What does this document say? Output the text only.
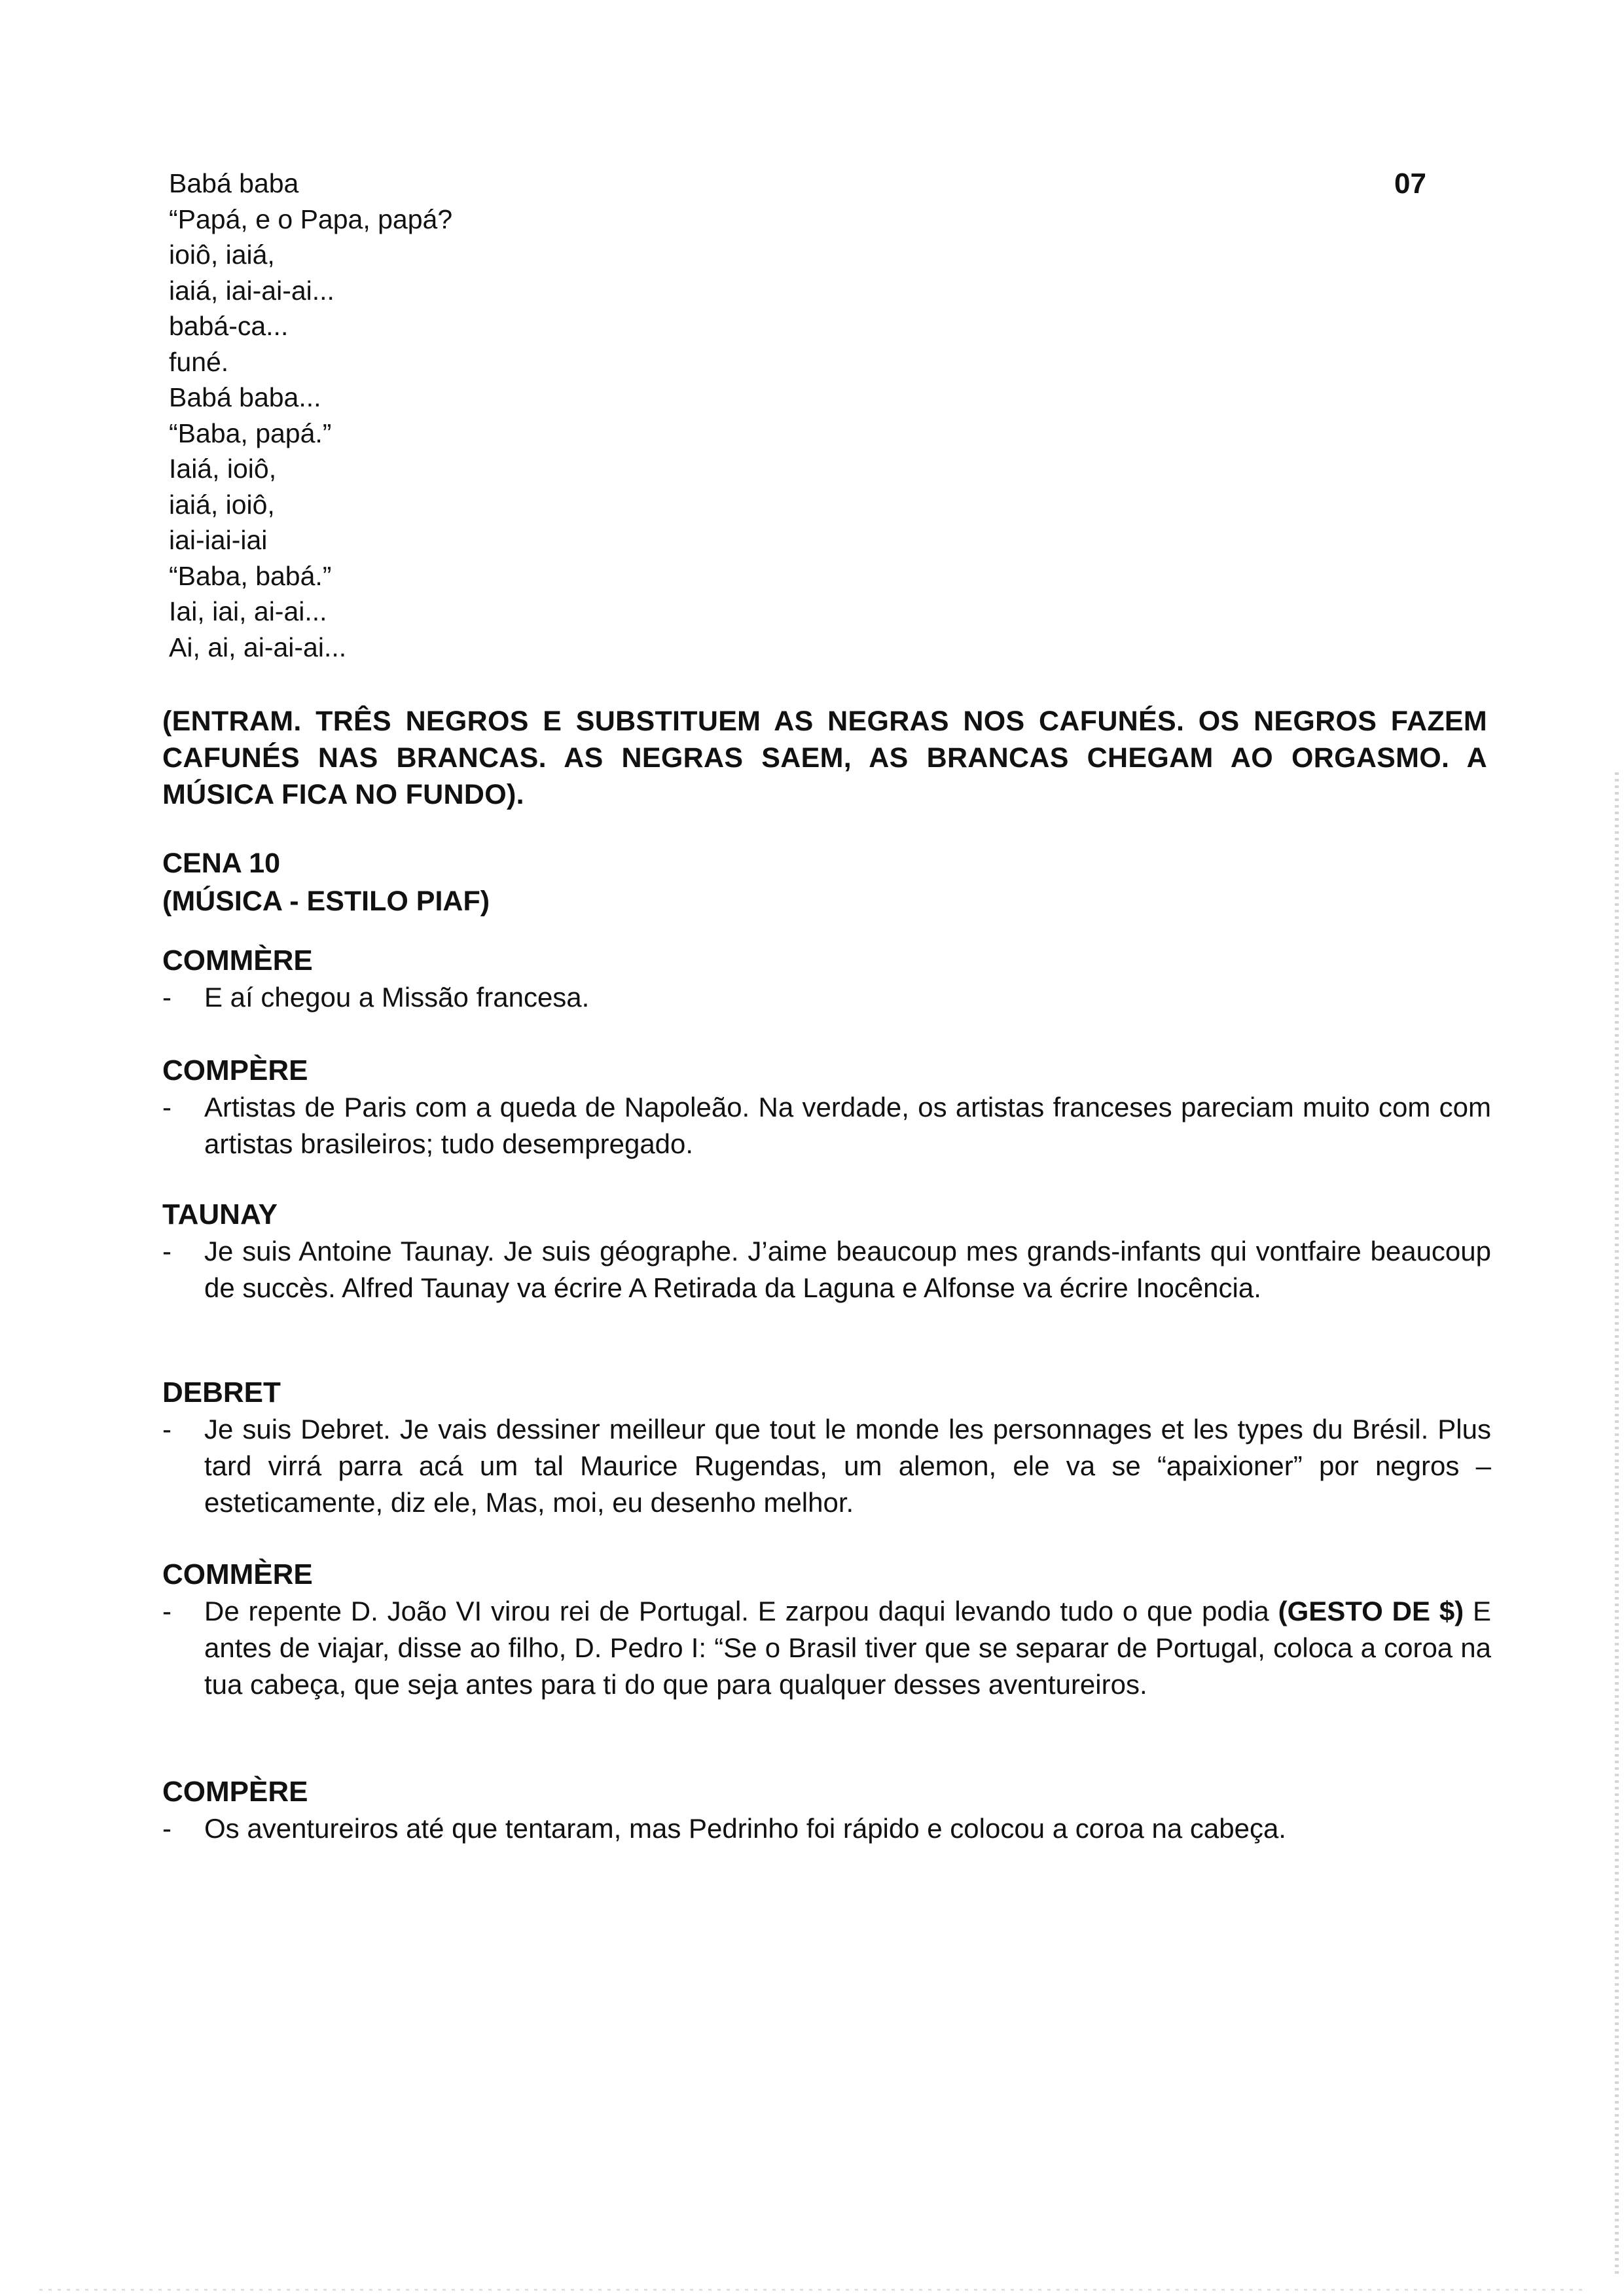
07
Babá baba
“Papá, e o Papa, papá?
ioiô, iaiá,
iaiá, iai-ai-ai...
babá-ca...
funé.
Babá baba...
“Baba, papá.”
Iaiá, ioiô,
iaiá, ioiô,
iai-iai-iai
“Baba, babá.”
Iai, iai, ai-ai...
Ai, ai, ai-ai-ai...
(ENTRAM. TRÊS NEGROS E SUBSTITUEM AS NEGRAS NOS CAFUNÉS. OS NEGROS FAZEM CAFUNÉS NAS BRANCAS. AS NEGRAS SAEM, AS BRANCAS CHEGAM AO ORGASMO. A MÚSICA FICA NO FUNDO).
CENA 10
(MÚSICA - ESTILO PIAF)
COMMÈRE
-	E aí chegou a Missão francesa.
COMPÈRE
-	Artistas de Paris com a queda de Napoleão. Na verdade, os artistas franceses pareciam muito com com artistas brasileiros; tudo desempregado.
TAUNAY
-	Je suis Antoine Taunay. Je suis géographe. J’aime beaucoup mes grands-infants qui vontfaire beaucoup de succès. Alfred Taunay va écrire A Retirada da Laguna e Alfonse va écrire Inocência.
DEBRET
-	Je suis Debret. Je vais dessiner meilleur que tout le monde les personnages et les types du Brésil. Plus tard virrá parra acá um tal Maurice Rugendas, um alemon, ele va se “apaixioner” por negros – esteticamente, diz ele, Mas, moi, eu desenho melhor.
COMMÈRE
-	De repente D. João VI virou rei de Portugal. E zarpou daqui levando tudo o que podia (GESTO DE $) E antes de viajar, disse ao filho, D. Pedro I: “Se o Brasil tiver que se separar de Portugal, coloca a coroa na tua cabeça, que seja antes para ti do que para qualquer desses aventureiros.
COMPÈRE
-	Os aventureiros até que tentaram, mas Pedrinho foi rápido e colocou a coroa na cabeça.
